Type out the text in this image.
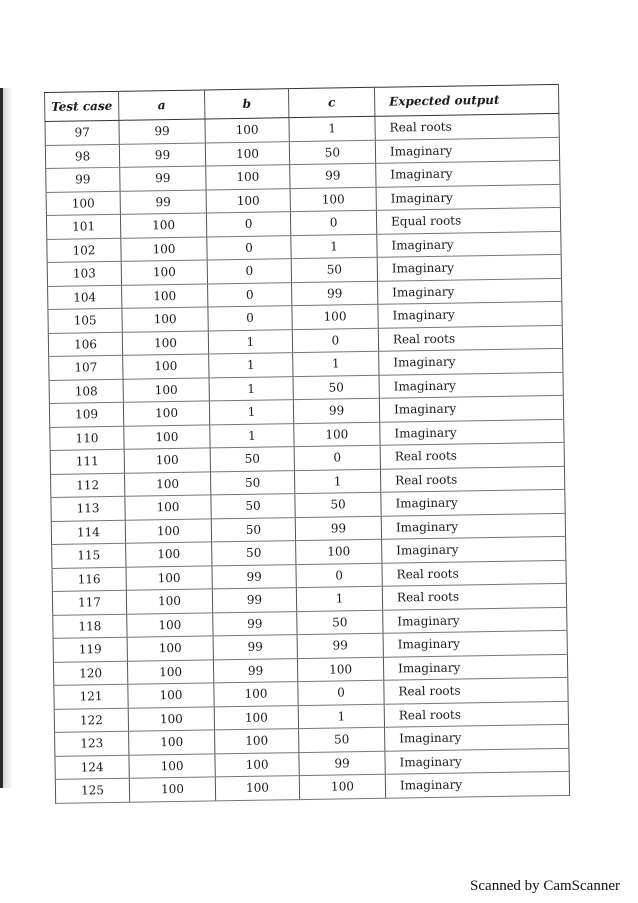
Test case	a	b	c	Expected output
97	99	100	1	Real roots
98	99	100	50	Imaginary
99	99	100	99	Imaginary
100	99	100	100	Imaginary
101	100	0	0	Equal roots
102	100	0	1	Imaginary
103	100	0	50	Imaginary
104	100	0	99	Imaginary
105	100	0	100	Imaginary
106	100	1	0	Real roots
107	100	1	1	Imaginary
108	100	1	50	Imaginary
109	100	1	99	Imaginary
110	100	1	100	Imaginary
111	100	50	0	Real roots
112	100	50	1	Real roots
113	100	50	50	Imaginary
114	100	50	99	Imaginary
115	100	50	100	Imaginary
116	100	99	0	Real roots
117	100	99	1	Real roots
118	100	99	50	Imaginary
119	100	99	99	Imaginary
120	100	99	100	Imaginary
121	100	100	0	Real roots
122	100	100	1	Real roots
123	100	100	50	Imaginary
124	100	100	99	Imaginary
125	100	100	100	Imaginary
Scanned by CamScanner
